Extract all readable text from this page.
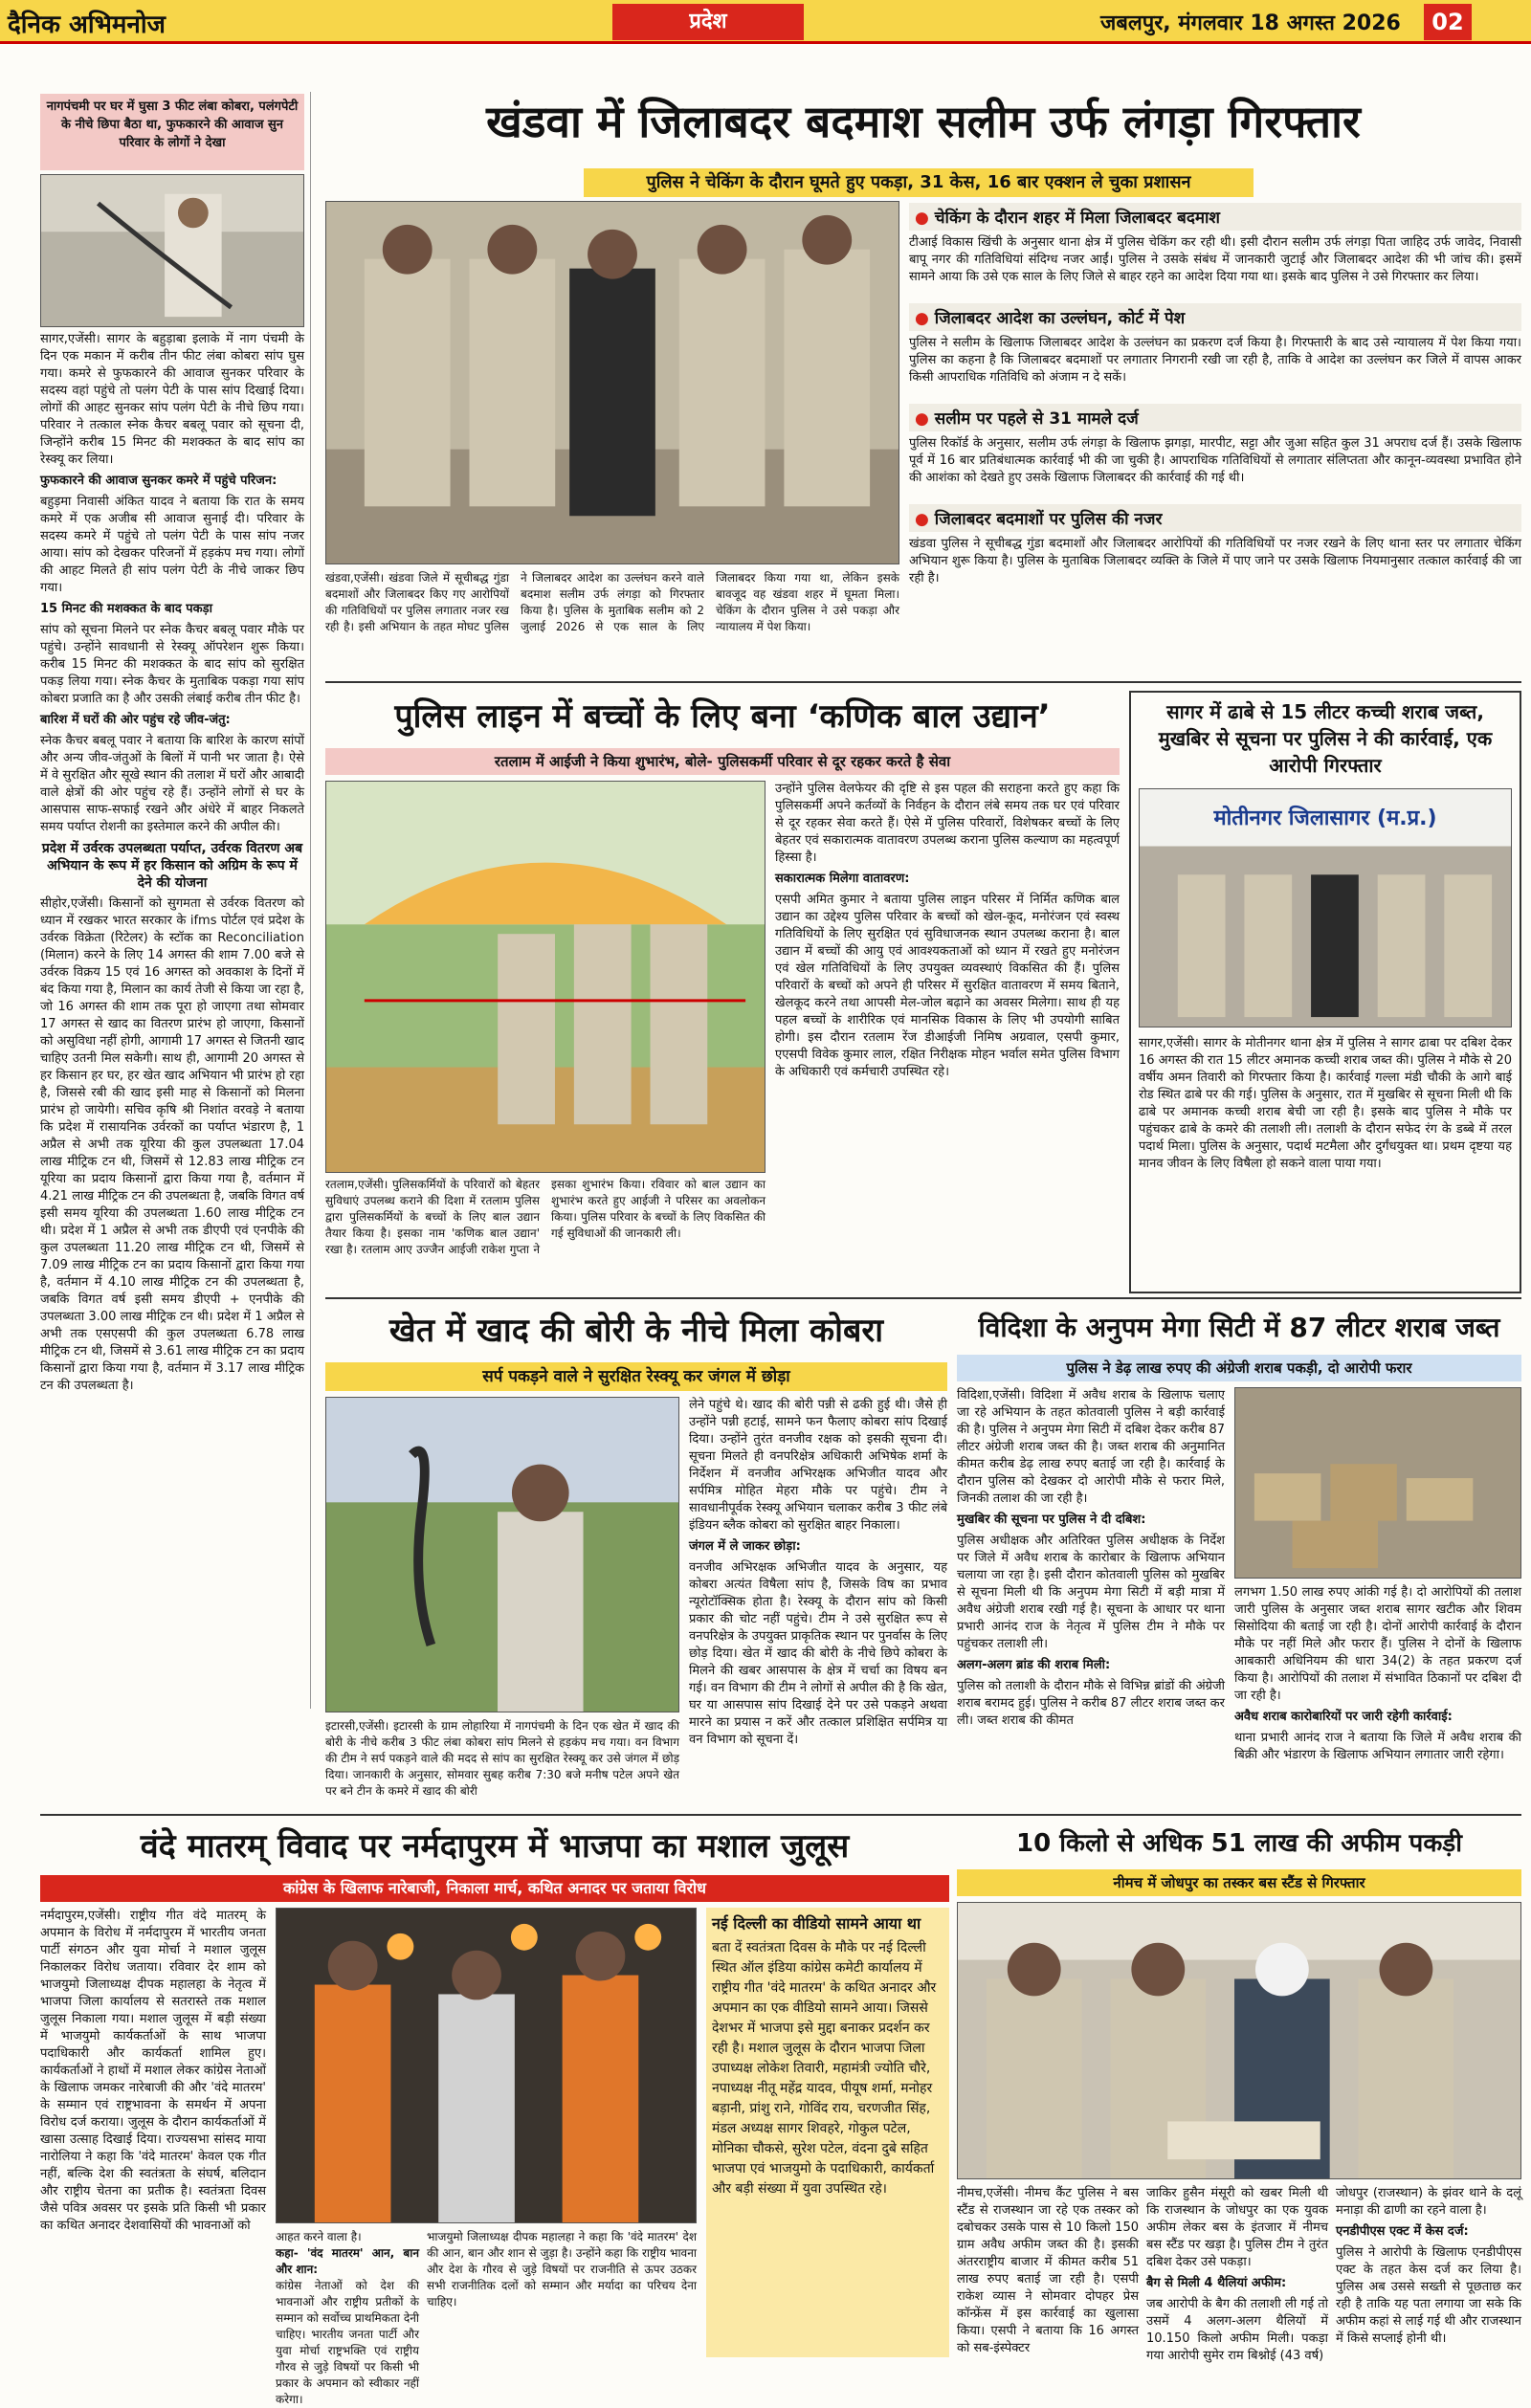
दैनिक अभिमनोज	प्रदेश	जबलपुर, मंगलवार 18 अगस्त 2026	02
नागपंचमी पर घर में घुसा 3 फीट लंबा कोबरा, पलंगपेटी के नीचे छिपा बैठा था, फुफकारने की आवाज सुन परिवार के लोगों ने देखा

सागर,एजेंसी। सागर के बहुड़ाबा इलाके में नाग पंचमी के दिन एक मकान में करीब तीन फीट लंबा कोबरा सांप घुस गया। कमरे से फुफकारने की आवाज सुनकर परिवार के सदस्य वहां पहुंचे तो पलंग पेटी के पास सांप दिखाई दिया। लोगों की आहट सुनकर सांप पलंग पेटी के नीचे छिप गया। परिवार ने तत्काल स्नेक कैचर बबलू पवार को सूचना दी, जिन्होंने करीब 15 मिनट की मशक्कत के बाद सांप का रेस्क्यू कर लिया।

फुफकारने की आवाज सुनकर कमरे में पहुंचे परिजन:

बहुड़मा निवासी अंकित यादव ने बताया कि रात के समय कमरे में एक अजीब सी आवाज सुनाई दी। परिवार के सदस्य कमरे में पहुंचे तो पलंग पेटी के पास सांप नजर आया। सांप को देखकर परिजनों में हड़कंप मच गया। लोगों की आहट मिलते ही सांप पलंग पेटी के नीचे जाकर छिप गया।

15 मिनट की मशक्कत के बाद पकड़ा

सांप को सूचना मिलने पर स्नेक कैचर बबलू पवार मौके पर पहुंचे। उन्होंने सावधानी से रेस्क्यू ऑपरेशन शुरू किया। करीब 15 मिनट की मशक्कत के बाद सांप को सुरक्षित पकड़ लिया गया। स्नेक कैचर के मुताबिक पकड़ा गया सांप कोबरा प्रजाति का है और उसकी लंबाई करीब तीन फीट है।

बारिश में घरों की ओर पहुंच रहे जीव-जंतु:

स्नेक कैचर बबलू पवार ने बताया कि बारिश के कारण सांपों और अन्य जीव-जंतुओं के बिलों में पानी भर जाता है। ऐसे में वे सुरक्षित और सूखे स्थान की तलाश में घरों और आबादी वाले क्षेत्रों की ओर पहुंच रहे हैं। उन्होंने लोगों से घर के आसपास साफ-सफाई रखने और अंधेरे में बाहर निकलते समय पर्याप्त रोशनी का इस्तेमाल करने की अपील की।

प्रदेश में उर्वरक उपलब्धता पर्याप्त, उर्वरक वितरण अब अभियान के रूप में हर किसान को अग्रिम के रूप में देने की योजना

सीहोर,एजेंसी। किसानों को सुगमता से उर्वरक वितरण को ध्यान में रखकर भारत सरकार के ifms पोर्टल एवं प्रदेश के उर्वरक विक्रेता (रिटेलर) के स्टॉक का Reconciliation (मिलान) करने के लिए 14 अगस्त की शाम 7.00 बजे से उर्वरक विक्रय 15 एवं 16 अगस्त को अवकाश के दिनों में बंद किया गया है, मिलान का कार्य तेजी से किया जा रहा है, जो 16 अगस्त की शाम तक पूरा हो जाएगा तथा सोमवार 17 अगस्त से खाद का वितरण प्रारंभ हो जाएगा, किसानों को असुविधा नहीं होगी, आगामी 17 अगस्त से जितनी खाद चाहिए उतनी मिल सकेगी। साथ ही, आगामी 20 अगस्त से हर किसान हर घर, हर खेत खाद अभियान भी प्रारंभ हो रहा है, जिससे रबी की खाद इसी माह से किसानों को मिलना प्रारंभ हो जायेगी। सचिव कृषि श्री निशांत वरवड़े ने बताया कि प्रदेश में रासायनिक उर्वरकों का पर्याप्त भंडारण है, 1 अप्रैल से अभी तक यूरिया की कुल उपलब्धता 17.04 लाख मीट्रिक टन थी, जिसमें से 12.83 लाख मीट्रिक टन यूरिया का प्रदाय किसानों द्वारा किया गया है, वर्तमान में 4.21 लाख मीट्रिक टन की उपलब्धता है, जबकि विगत वर्ष इसी समय यूरिया की उपलब्धता 1.60 लाख मीट्रिक टन थी। प्रदेश में 1 अप्रैल से अभी तक डीएपी एवं एनपीके की कुल उपलब्धता 11.20 लाख मीट्रिक टन थी, जिसमें से 7.09 लाख मीट्रिक टन का प्रदाय किसानों द्वारा किया गया है, वर्तमान में 4.10 लाख मीट्रिक टन की उपलब्धता है, जबकि विगत वर्ष इसी समय डीएपी + एनपीके की उपलब्धता 3.00 लाख मीट्रिक टन थी। प्रदेश में 1 अप्रैल से अभी तक एसएसपी की कुल उपलब्धता 6.78 लाख मीट्रिक टन थी, जिसमें से 3.61 लाख मीट्रिक टन का प्रदाय किसानों द्वारा किया गया है, वर्तमान में 3.17 लाख मीट्रिक टन की उपलब्धता है।

खंडवा में जिलाबदर बदमाश सलीम उर्फ लंगड़ा गिरफ्तार
पुलिस ने चेकिंग के दौरान घूमते हुए पकड़ा, 31 केस, 16 बार एक्शन ले चुका प्रशासन
खंडवा,एजेंसी। खंडवा जिले में सूचीबद्ध गुंडा बदमाशों और जिलाबदर किए गए आरोपियों की गतिविधियों पर पुलिस लगातार नजर रख रही है। इसी अभियान के तहत मोघट पुलिस ने जिलाबदर आदेश का उल्लंघन करने वाले बदमाश सलीम उर्फ लंगड़ा को गिरफ्तार किया है। पुलिस के मुताबिक सलीम को 2 जुलाई 2026 से एक साल के लिए जिलाबदर किया गया था, लेकिन इसके बावजूद वह खंडवा शहर में घूमता मिला। चेकिंग के दौरान पुलिस ने उसे पकड़ा और न्यायालय में पेश किया।
● चेकिंग के दौरान शहर में मिला जिलाबदर बदमाश
टीआई विकास खिंची के अनुसार थाना क्षेत्र में पुलिस चेकिंग कर रही थी। इसी दौरान सलीम उर्फ लंगड़ा पिता जाहिद उर्फ जावेद, निवासी बापू नगर की गतिविधियां संदिग्ध नजर आईं। पुलिस ने उसके संबंध में जानकारी जुटाई और जिलाबदर आदेश की भी जांच की। इसमें सामने आया कि उसे एक साल के लिए जिले से बाहर रहने का आदेश दिया गया था। इसके बाद पुलिस ने उसे गिरफ्तार कर लिया।
● जिलाबदर आदेश का उल्लंघन, कोर्ट में पेश
पुलिस ने सलीम के खिलाफ जिलाबदर आदेश के उल्लंघन का प्रकरण दर्ज किया है। गिरफ्तारी के बाद उसे न्यायालय में पेश किया गया। पुलिस का कहना है कि जिलाबदर बदमाशों पर लगातार निगरानी रखी जा रही है, ताकि वे आदेश का उल्लंघन कर जिले में वापस आकर किसी आपराधिक गतिविधि को अंजाम न दे सकें।
● सलीम पर पहले से 31 मामले दर्ज
पुलिस रिकॉर्ड के अनुसार, सलीम उर्फ लंगड़ा के खिलाफ झगड़ा, मारपीट, सट्टा और जुआ सहित कुल 31 अपराध दर्ज हैं। उसके खिलाफ पूर्व में 16 बार प्रतिबंधात्मक कार्रवाई भी की जा चुकी है। आपराधिक गतिविधियों से लगातार संलिप्तता और कानून-व्यवस्था प्रभावित होने की आशंका को देखते हुए उसके खिलाफ जिलाबदर की कार्रवाई की गई थी।
● जिलाबदर बदमाशों पर पुलिस की नजर
खंडवा पुलिस ने सूचीबद्ध गुंडा बदमाशों और जिलाबदर आरोपियों की गतिविधियों पर नजर रखने के लिए थाना स्तर पर लगातार चेकिंग अभियान शुरू किया है। पुलिस के मुताबिक जिलाबदर व्यक्ति के जिले में पाए जाने पर उसके खिलाफ नियमानुसार तत्काल कार्रवाई की जा रही है।
पुलिस लाइन में बच्चों के लिए बना ‘कणिक बाल उद्यान’
रतलाम में आईजी ने किया शुभारंभ, बोले- पुलिसकर्मी परिवार से दूर रहकर करते है सेवा
रतलाम,एजेंसी। पुलिसकर्मियों के परिवारों को बेहतर सुविधाएं उपलब्ध कराने की दिशा में रतलाम पुलिस द्वारा पुलिसकर्मियों के बच्चों के लिए बाल उद्यान तैयार किया है। इसका नाम 'कणिक बाल उद्यान' रखा है। रतलाम आए उज्जैन आईजी राकेश गुप्ता ने इसका शुभारंभ किया। रविवार को बाल उद्यान का शुभारंभ करते हुए आईजी ने परिसर का अवलोकन किया। पुलिस परिवार के बच्चों के लिए विकसित की गई सुविधाओं की जानकारी ली।

उन्होंने पुलिस वेलफेयर की दृष्टि से इस पहल की सराहना करते हुए कहा कि पुलिसकर्मी अपने कर्तव्यों के निर्वहन के दौरान लंबे समय तक घर एवं परिवार से दूर रहकर सेवा करते हैं। ऐसे में पुलिस परिवारों, विशेषकर बच्चों के लिए बेहतर एवं सकारात्मक वातावरण उपलब्ध कराना पुलिस कल्याण का महत्वपूर्ण हिस्सा है।

सकारात्मक मिलेगा वातावरण:

एसपी अमित कुमार ने बताया पुलिस लाइन परिसर में निर्मित कणिक बाल उद्यान का उद्देश्य पुलिस परिवार के बच्चों को खेल-कूद, मनोरंजन एवं स्वस्थ गतिविधियों के लिए सुरक्षित एवं सुविधाजनक स्थान उपलब्ध कराना है। बाल उद्यान में बच्चों की आयु एवं आवश्यकताओं को ध्यान में रखते हुए मनोरंजन एवं खेल गतिविधियों के लिए उपयुक्त व्यवस्थाएं विकसित की हैं। पुलिस परिवारों के बच्चों को अपने ही परिसर में सुरक्षित वातावरण में समय बिताने, खेलकूद करने तथा आपसी मेल-जोल बढ़ाने का अवसर मिलेगा। साथ ही यह पहल बच्चों के शारीरिक एवं मानसिक विकास के लिए भी उपयोगी साबित होगी। इस दौरान रतलाम रेंज डीआईजी निमिष अग्रवाल, एसपी कुमार, एएसपी विवेक कुमार लाल, रक्षित निरीक्षक मोहन भर्वाल समेत पुलिस विभाग के अधिकारी एवं कर्मचारी उपस्थित रहे।

सागर में ढाबे से 15 लीटर कच्ची शराब जब्त, मुखबिर से सूचना पर पुलिस ने की कार्रवाई, एक आरोपी गिरफ्तार
मोतीनगर जिलासागर (म.प्र.)
सागर,एजेंसी। सागर के मोतीनगर थाना क्षेत्र में पुलिस ने सागर ढाबा पर दबिश देकर 16 अगस्त की रात 15 लीटर अमानक कच्ची शराब जब्त की। पुलिस ने मौके से 20 वर्षीय अमन तिवारी को गिरफ्तार किया है। कार्रवाई गल्ला मंडी चौकी के आगे बाई रोड स्थित ढाबे पर की गई। पुलिस के अनुसार, रात में मुखबिर से सूचना मिली थी कि ढाबे पर अमानक कच्ची शराब बेची जा रही है। इसके बाद पुलिस ने मौके पर पहुंचकर ढाबे के कमरे की तलाशी ली। तलाशी के दौरान सफेद रंग के डब्बे में तरल पदार्थ मिला। पुलिस के अनुसार, पदार्थ मटमैला और दुर्गंधयुक्त था। प्रथम दृष्टया यह मानव जीवन के लिए विषैला हो सकने वाला पाया गया।
खेत में खाद की बोरी के नीचे मिला कोबरा
सर्प पकड़ने वाले ने सुरक्षित रेस्क्यू कर जंगल में छोड़ा
इटारसी,एजेंसी। इटारसी के ग्राम लोहारिया में नागपंचमी के दिन एक खेत में खाद की बोरी के नीचे करीब 3 फीट लंबा कोबरा सांप मिलने से हड़कंप मच गया। वन विभाग की टीम ने सर्प पकड़ने वाले की मदद से सांप का सुरक्षित रेस्क्यू कर उसे जंगल में छोड़ दिया। जानकारी के अनुसार, सोमवार सुबह करीब 7:30 बजे मनीष पटेल अपने खेत पर बने टीन के कमरे में खाद की बोरी

लेने पहुंचे थे। खाद की बोरी पन्नी से ढकी हुई थी। जैसे ही उन्होंने पन्नी हटाई, सामने फन फैलाए कोबरा सांप दिखाई दिया। उन्होंने तुरंत वनजीव रक्षक को इसकी सूचना दी। सूचना मिलते ही वनपरिक्षेत्र अधिकारी अभिषेक शर्मा के निर्देशन में वनजीव अभिरक्षक अभिजीत यादव और सर्पमित्र मोहित मेहरा मौके पर पहुंचे। टीम ने सावधानीपूर्वक रेस्क्यू अभियान चलाकर करीब 3 फीट लंबे इंडियन ब्लैक कोबरा को सुरक्षित बाहर निकाला।

जंगल में ले जाकर छोड़ा:

वनजीव अभिरक्षक अभिजीत यादव के अनुसार, यह कोबरा अत्यंत विषैला सांप है, जिसके विष का प्रभाव न्यूरोटॉक्सिक होता है। रेस्क्यू के दौरान सांप को किसी प्रकार की चोट नहीं पहुंचे। टीम ने उसे सुरक्षित रूप से वनपरिक्षेत्र के उपयुक्त प्राकृतिक स्थान पर पुनर्वास के लिए छोड़ दिया। खेत में खाद की बोरी के नीचे छिपे कोबरा के मिलने की खबर आसपास के क्षेत्र में चर्चा का विषय बन गई। वन विभाग की टीम ने लोगों से अपील की है कि खेत, घर या आसपास सांप दिखाई देने पर उसे पकड़ने अथवा मारने का प्रयास न करें और तत्काल प्रशिक्षित सर्पमित्र या वन विभाग को सूचना दें।

विदिशा के अनुपम मेगा सिटी में 87 लीटर शराब जब्त
पुलिस ने डेढ़ लाख रुपए की अंग्रेजी शराब पकड़ी, दो आरोपी फरार

विदिशा,एजेंसी। विदिशा में अवैध शराब के खिलाफ चलाए जा रहे अभियान के तहत कोतवाली पुलिस ने बड़ी कार्रवाई की है। पुलिस ने अनुपम मेगा सिटी में दबिश देकर करीब 87 लीटर अंग्रेजी शराब जब्त की है। जब्त शराब की अनुमानित कीमत करीब डेढ़ लाख रुपए बताई जा रही है। कार्रवाई के दौरान पुलिस को देखकर दो आरोपी मौके से फरार मिले, जिनकी तलाश की जा रही है।

मुखबिर की सूचना पर पुलिस ने दी दबिश:

पुलिस अधीक्षक और अतिरिक्त पुलिस अधीक्षक के निर्देश पर जिले में अवैध शराब के कारोबार के खिलाफ अभियान चलाया जा रहा है। इसी दौरान कोतवाली पुलिस को मुखबिर से सूचना मिली थी कि अनुपम मेगा सिटी में बड़ी मात्रा में अवैध अंग्रेजी शराब रखी गई है। सूचना के आधार पर थाना प्रभारी आनंद राज के नेतृत्व में पुलिस टीम ने मौके पर पहुंचकर तलाशी ली।

अलग-अलग ब्रांड की शराब मिली:

पुलिस को तलाशी के दौरान मौके से विभिन्न ब्रांडों की अंग्रेजी शराब बरामद हुई। पुलिस ने करीब 87 लीटर शराब जब्त कर ली। जब्त शराब की कीमत

लगभग 1.50 लाख रुपए आंकी गई है। दो आरोपियों की तलाश जारी पुलिस के अनुसार जब्त शराब सागर खटीक और शिवम सिसोदिया की बताई जा रही है। दोनों आरोपी कार्रवाई के दौरान मौके पर नहीं मिले और फरार हैं। पुलिस ने दोनों के खिलाफ आबकारी अधिनियम की धारा 34(2) के तहत प्रकरण दर्ज किया है। आरोपियों की तलाश में संभावित ठिकानों पर दबिश दी जा रही है।

अवैध शराब कारोबारियों पर जारी रहेगी कार्रवाई:

थाना प्रभारी आनंद राज ने बताया कि जिले में अवैध शराब की बिक्री और भंडारण के खिलाफ अभियान लगातार जारी रहेगा।

वंदे मातरम् विवाद पर नर्मदापुरम में भाजपा का मशाल जुलूस
कांग्रेस के खिलाफ नारेबाजी, निकाला मार्च, कथित अनादर पर जताया विरोध
नर्मदापुरम,एजेंसी। राष्ट्रीय गीत वंदे मातरम् के अपमान के विरोध में नर्मदापुरम में भारतीय जनता पार्टी संगठन और युवा मोर्चा ने मशाल जुलूस निकालकर विरोध जताया। रविवार देर शाम को भाजयुमो जिलाध्यक्ष दीपक महालहा के नेतृत्व में भाजपा जिला कार्यालय से सतरास्ते तक मशाल जुलूस निकाला गया। मशाल जुलूस में बड़ी संख्या में भाजयुमो कार्यकर्ताओं के साथ भाजपा पदाधिकारी और कार्यकर्ता शामिल हुए। कार्यकर्ताओं ने हाथों में मशाल लेकर कांग्रेस नेताओं के खिलाफ जमकर नारेबाजी की और 'वंदे मातरम' के सम्मान एवं राष्ट्रभावना के समर्थन में अपना विरोध दर्ज कराया। जुलूस के दौरान कार्यकर्ताओं में खासा उत्साह दिखाई दिया। राज्यसभा सांसद माया नारोलिया ने कहा कि 'वंदे मातरम' केवल एक गीत नहीं, बल्कि देश की स्वतंत्रता के संघर्ष, बलिदान और राष्ट्रीय चेतना का प्रतीक है। स्वतंत्रता दिवस जैसे पवित्र अवसर पर इसके प्रति किसी भी प्रकार का कथित अनादर देशवासियों की भावनाओं को

आहत करने वाला है।

कहा- 'वंद मातरम' आन, बान और शान:

कांग्रेस नेताओं को देश की भावनाओं और राष्ट्रीय प्रतीकों के सम्मान को सर्वोच्च प्राथमिकता देनी चाहिए। भारतीय जनता पार्टी और युवा मोर्चा राष्ट्रभक्ति एवं राष्ट्रीय गौरव से जुड़े विषयों पर किसी भी प्रकार के अपमान को स्वीकार नहीं करेगा।

भाजयुमो जिलाध्यक्ष दीपक महालहा ने कहा कि 'वंदे मातरम' देश की आन, बान और शान से जुड़ा है। उन्होंने कहा कि राष्ट्रीय भावना और देश के गौरव से जुड़े विषयों पर राजनीति से ऊपर उठकर सभी राजनीतिक दलों को सम्मान और मर्यादा का परिचय देना चाहिए।
नई दिल्ली का वीडियो सामने आया था
बता दें स्वतंत्रता दिवस के मौके पर नई दिल्ली स्थित ऑल इंडिया कांग्रेस कमेटी कार्यालय में राष्ट्रीय गीत 'वंदे मातरम' के कथित अनादर और अपमान का एक वीडियो सामने आया। जिससे देशभर में भाजपा इसे मुद्दा बनाकर प्रदर्शन कर रही है। मशाल जुलूस के दौरान भाजपा जिला उपाध्यक्ष लोकेश तिवारी, महामंत्री ज्योति चौरे, नपाध्यक्ष नीतू महेंद्र यादव, पीयूष शर्मा, मनोहर बड़ानी, प्रांशु राने, गोविंद राय, चरणजीत सिंह, मंडल अध्यक्ष सागर शिवहरे, गोकुल पटेल, मोनिका चौकसे, सुरेश पटेल, वंदना दुबे सहित भाजपा एवं भाजयुमो के पदाधिकारी, कार्यकर्ता और बड़ी संख्या में युवा उपस्थित रहे।
10 किलो से अधिक 51 लाख की अफीम पकड़ी
नीमच में जोधपुर का तस्कर बस स्टैंड से गिरफ्तार
नीमच,एजेंसी। नीमच कैंट पुलिस ने बस स्टैंड से राजस्थान जा रहे एक तस्कर को दबोचकर उसके पास से 10 किलो 150 ग्राम अवैध अफीम जब्त की है। इसकी अंतरराष्ट्रीय बाजार में कीमत करीब 51 लाख रुपए बताई जा रही है। एसपी राकेश व्यास ने सोमवार दोपहर प्रेस कॉन्फ्रेंस में इस कार्रवाई का खुलासा किया। एसपी ने बताया कि 16 अगस्त को सब-इंस्पेक्टर

जाकिर हुसैन मंसूरी को खबर मिली थी कि राजस्थान के जोधपुर का एक युवक अफीम लेकर बस के इंतजार में नीमच बस स्टैंड पर खड़ा है। पुलिस टीम ने तुरंत दबिश देकर उसे पकड़ा।

बैग से मिली 4 थैलियां अफीम:

जब आरोपी के बैग की तलाशी ली गई तो उसमें 4 अलग-अलग थैलियों में 10.150 किलो अफीम मिली। पकड़ा गया आरोपी सुमेर राम बिश्नोई (43 वर्ष)

जोधपुर (राजस्थान) के झंवर थाने के दलूं मनाड़ा की ढाणी का रहने वाला है।

एनडीपीएस एक्ट में केस दर्ज:

पुलिस ने आरोपी के खिलाफ एनडीपीएस एक्ट के तहत केस दर्ज कर लिया है। पुलिस अब उससे सख्ती से पूछताछ कर रही है ताकि यह पता लगाया जा सके कि अफीम कहां से लाई गई थी और राजस्थान में किसे सप्लाई होनी थी।
